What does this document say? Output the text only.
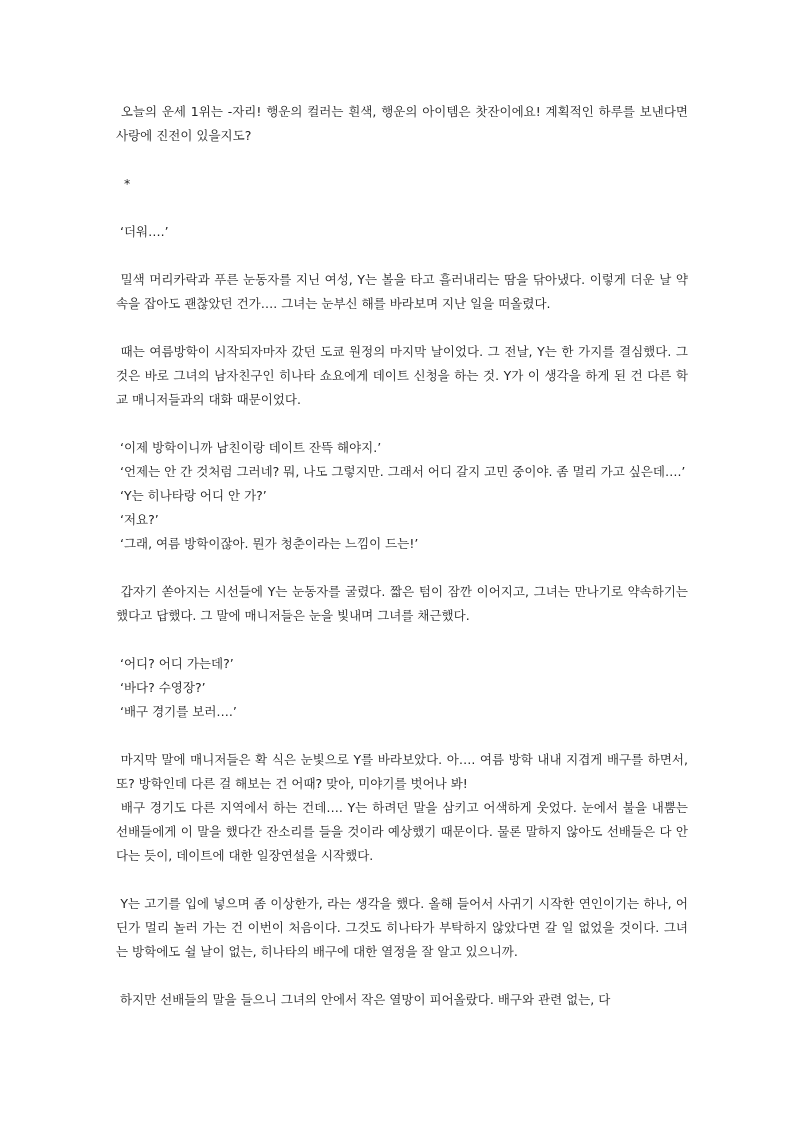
오늘의 운세 1위는 -자리! 행운의 컬러는 흰색, 행운의 아이템은 찻잔이에요! 계획적인 하루를 보낸다면 사랑에 진전이 있을지도?
*
‘더워….’
밀색 머리카락과 푸른 눈동자를 지닌 여성, Y는 볼을 타고 흘러내리는 땀을 닦아냈다. 이렇게 더운 날 약속을 잡아도 괜찮았던 건가…. 그녀는 눈부신 해를 바라보며 지난 일을 떠올렸다.
때는 여름방학이 시작되자마자 갔던 도쿄 원정의 마지막 날이었다. 그 전날, Y는 한 가지를 결심했다. 그것은 바로 그녀의 남자친구인 히나타 쇼요에게 데이트 신청을 하는 것. Y가 이 생각을 하게 된 건 다른 학교 매니저들과의 대화 때문이었다.
‘이제 방학이니까 남친이랑 데이트 잔뜩 해야지.’
‘언제는 안 간 것처럼 그러네? 뭐, 나도 그렇지만. 그래서 어디 갈지 고민 중이야. 좀 멀리 가고 싶은데….’
‘Y는 히나타랑 어디 안 가?’
‘저요?’
‘그래, 여름 방학이잖아. 뭔가 청춘이라는 느낌이 드는!’
갑자기 쏟아지는 시선들에 Y는 눈동자를 굴렸다. 짧은 텀이 잠깐 이어지고, 그녀는 만나기로 약속하기는 했다고 답했다. 그 말에 매니저들은 눈을 빛내며 그녀를 채근했다.
‘어디? 어디 가는데?’
‘바다? 수영장?’
‘배구 경기를 보러….’
마지막 말에 매니저들은 확 식은 눈빛으로 Y를 바라보았다. 아…. 여름 방학 내내 지겹게 배구를 하면서, 또? 방학인데 다른 걸 해보는 건 어때? 맞아, 미야기를 벗어나 봐!
배구 경기도 다른 지역에서 하는 건데…. Y는 하려던 말을 삼키고 어색하게 웃었다. 눈에서 불을 내뿜는 선배들에게 이 말을 했다간 잔소리를 들을 것이라 예상했기 때문이다. 물론 말하지 않아도 선배들은 다 안다는 듯이, 데이트에 대한 일장연설을 시작했다.
Y는 고기를 입에 넣으며 좀 이상한가, 라는 생각을 했다. 올해 들어서 사귀기 시작한 연인이기는 하나, 어딘가 멀리 놀러 가는 건 이번이 처음이다. 그것도 히나타가 부탁하지 않았다면 갈 일 없었을 것이다. 그녀는 방학에도 쉴 날이 없는, 히나타의 배구에 대한 열정을 잘 알고 있으니까.
하지만 선배들의 말을 들으니 그녀의 안에서 작은 열망이 피어올랐다. 배구와 관련 없는, 다
